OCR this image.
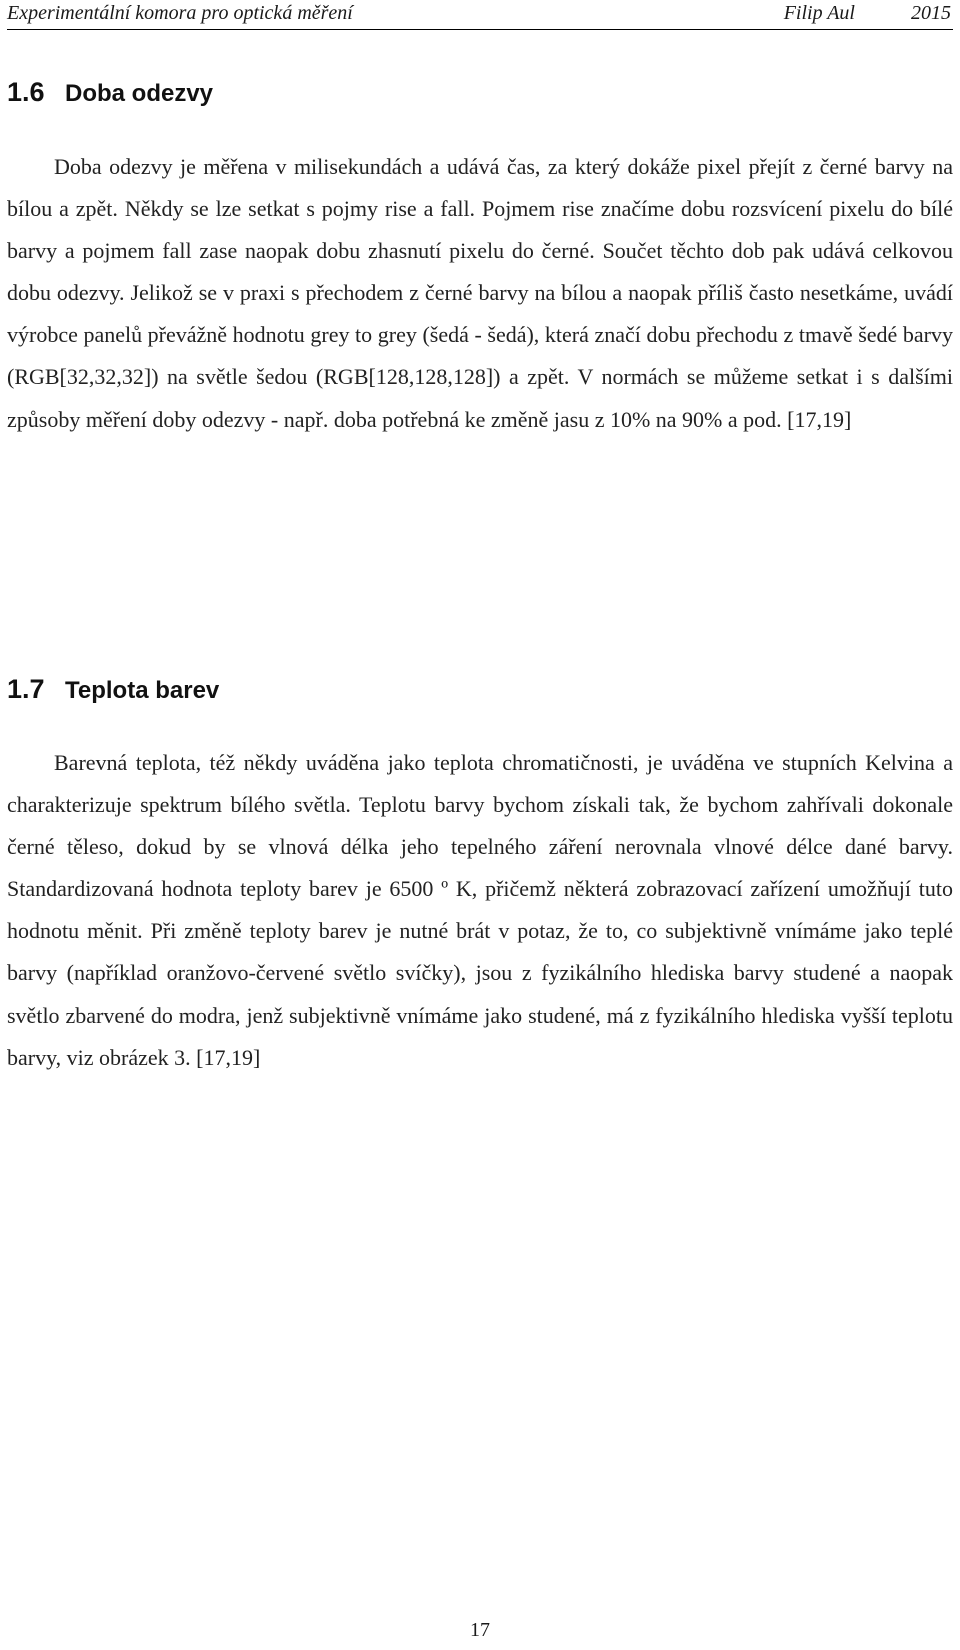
Experimentální komora pro optická měření	Filip Aul	2015
1.6 Doba odezvy

Doba odezvy je měřena v milisekundách a udává čas, za který dokáže pixel přejít z černé barvy na bílou a zpět. Někdy se lze setkat s pojmy rise a fall. Pojmem rise značíme dobu rozsvícení pixelu do bílé barvy a pojmem fall zase naopak dobu zhasnutí pixelu do černé. Součet těchto dob pak udává celkovou dobu odezvy. Jelikož se v praxi s přechodem z černé barvy na bílou a naopak příliš často nesetkáme, uvádí výrobce panelů převážně hodnotu grey to grey (šedá - šedá), která značí dobu přechodu z tmavě šedé barvy (RGB[32,32,32]) na světle šedou (RGB[128,128,128]) a zpět. V normách se můžeme setkat i s dalšími způsoby měření doby odezvy - např. doba potřebná ke změně jasu z 10% na 90% a pod. [17,19]

1.7 Teplota barev

Barevná teplota, též někdy uváděna jako teplota chromatičnosti, je uváděna ve stupních Kelvina a charakterizuje spektrum bílého světla. Teplotu barvy bychom získali tak, že bychom zahřívali dokonale černé těleso, dokud by se vlnová délka jeho tepelného záření nerovnala vlnové délce dané barvy. Standardizovaná hodnota teploty barev je 6500 º K, přičemž některá zobrazovací zařízení umožňují tuto hodnotu měnit. Při změně teploty barev je nutné brát v potaz, že to, co subjektivně vnímáme jako teplé barvy (například oranžovo-červené světlo svíčky), jsou z fyzikálního hlediska barvy studené a naopak světlo zbarvené do modra, jenž subjektivně vnímáme jako studené, má z fyzikálního hlediska vyšší teplotu barvy, viz obrázek 3. [17,19]

17
